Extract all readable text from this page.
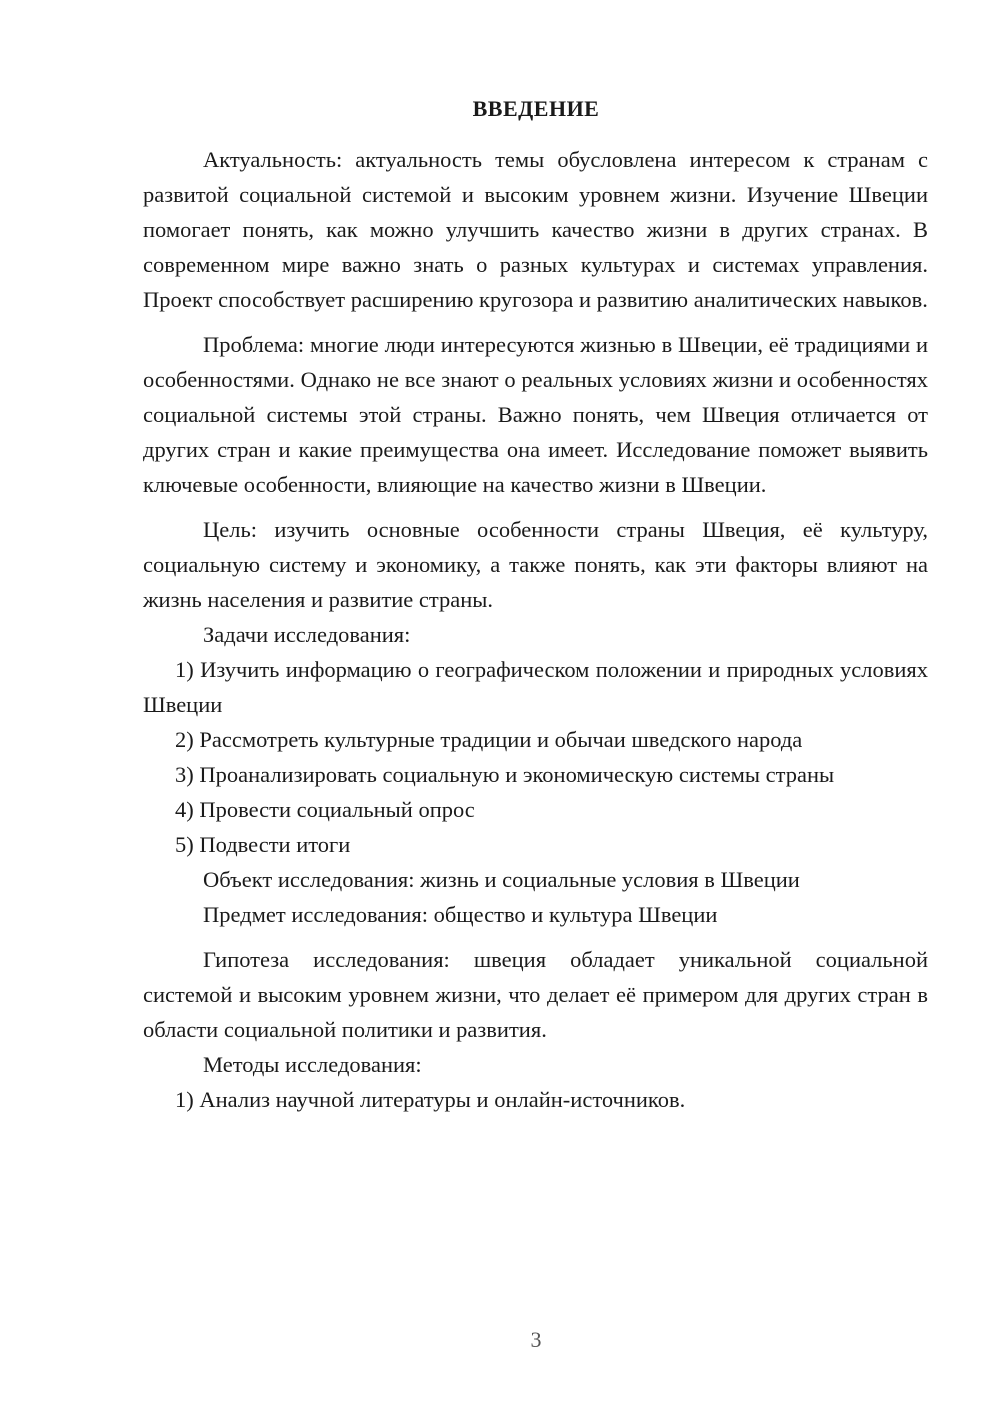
ВВЕДЕНИЕ

Актуальность: актуальность темы обусловлена интересом к странам с развитой социальной системой и высоким уровнем жизни. Изучение Швеции помогает понять, как можно улучшить качество жизни в других странах. В современном мире важно знать о разных культурах и системах управления. Проект способствует расширению кругозора и развитию аналитических навыков.

Проблема: многие люди интересуются жизнью в Швеции, её традициями и особенностями. Однако не все знают о реальных условиях жизни и особенностях социальной системы этой страны. Важно понять, чем Швеция отличается от других стран и какие преимущества она имеет. Исследование поможет выявить ключевые особенности, влияющие на качество жизни в Швеции.

Цель: изучить основные особенности страны Швеция, её культуру, социальную систему и экономику, а также понять, как эти факторы влияют на жизнь населения и развитие страны.

Задачи исследования:

1) Изучить информацию о географическом положении и природных условиях Швеции

2) Рассмотреть культурные традиции и обычаи шведского народа

3) Проанализировать социальную и экономическую системы страны

4) Провести социальный опрос

5) Подвести итоги

Объект исследования: жизнь и социальные условия в Швеции

Предмет исследования: общество и культура Швеции

Гипотеза исследования: швеция обладает уникальной социальной системой и высоким уровнем жизни, что делает её примером для других стран в области социальной политики и развития.

Методы исследования:

1) Анализ научной литературы и онлайн-источников.

3
